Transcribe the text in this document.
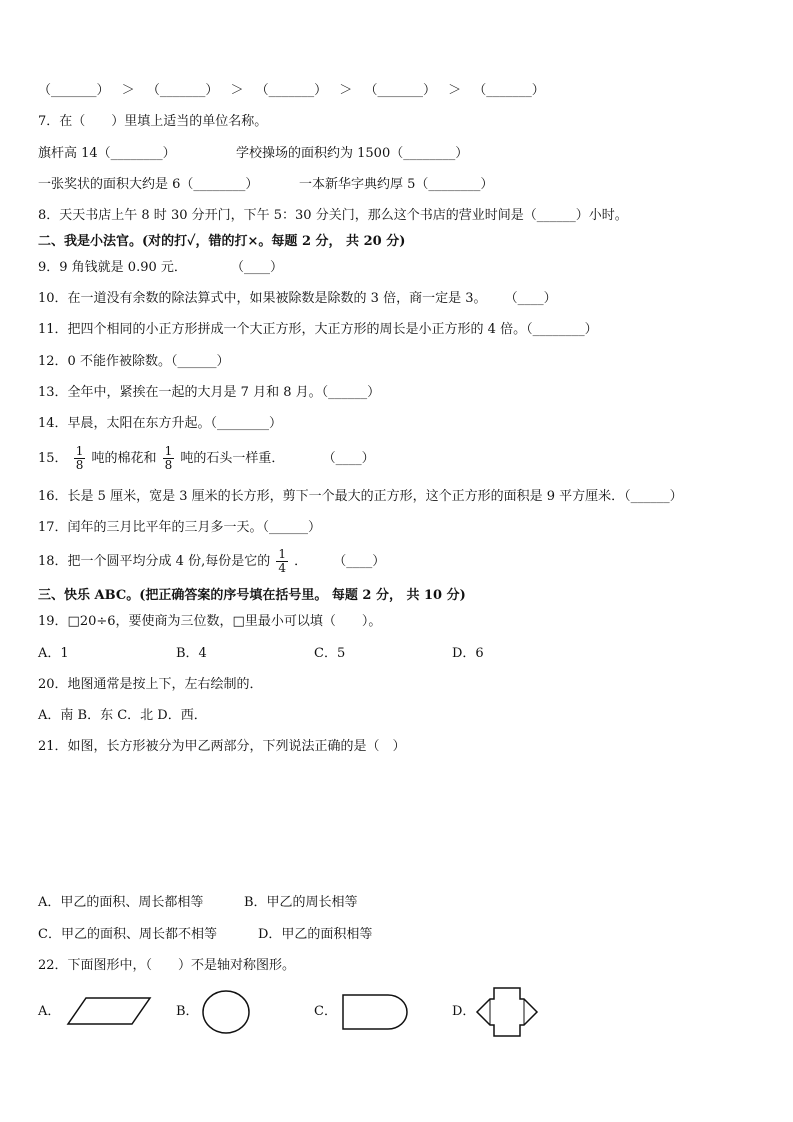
（_______） ＞ （_______） ＞ （_______） ＞ （_______） ＞ （_______）
7．在（　　）里填上适当的单位名称。
旗杆高 14（________）	学校操场的面积约为 1500（________）
一张奖状的面积大约是 6（________）	一本新华字典约厚 5（________）
8．天天书店上午 8 时 30 分开门，下午 5：30 分关门，那么这个书店的营业时间是（______）小时。
二、我是小法官。(对的打✓，错的打×。每题 2 分， 共 20 分)
9．9 角钱就是 0.90 元．	（____）
10．在一道没有余数的除法算式中，如果被除数是除数的 3 倍，商一定是 3。 （____）
11．把四个相同的小正方形拼成一个大正方形，大正方形的周长是小正方形的 4 倍。（________）
12．0 不能作被除数。（______）
13．全年中，紧挨在一起的大月是 7 月和 8 月。（______）
14．早晨，太阳在东方升起。（________）
15． $\frac{1}{8}$ 吨的棉花和 $\frac{1}{8}$ 吨的石头一样重．	（____）
16．长是 5 厘米，宽是 3 厘米的长方形，剪下一个最大的正方形，这个正方形的面积是 9 平方厘米．（______）
17．闰年的三月比平年的三月多一天。（______）
18．把一个圆平均分成 4 份,每份是它的 $\frac{1}{4}$ ． （____）
三、快乐 ABC。(把正确答案的序号填在括号里。 每题 2 分， 共 10 分)
19．□20÷6，要使商为三位数，□里最小可以填（　　）。
A．1	B．4	C．5	D．6
20．地图通常是按上下，左右绘制的．
A．南 B．东 C．北 D．西．
21．如图，长方形被分为甲乙两部分，下列说法正确的是（　）
A．甲乙的面积、周长都相等	B．甲乙的周长相等
C．甲乙的面积、周长都不相等	D．甲乙的面积相等
22．下面图形中，（　　）不是轴对称图形。
A．	B．	C．	D．
